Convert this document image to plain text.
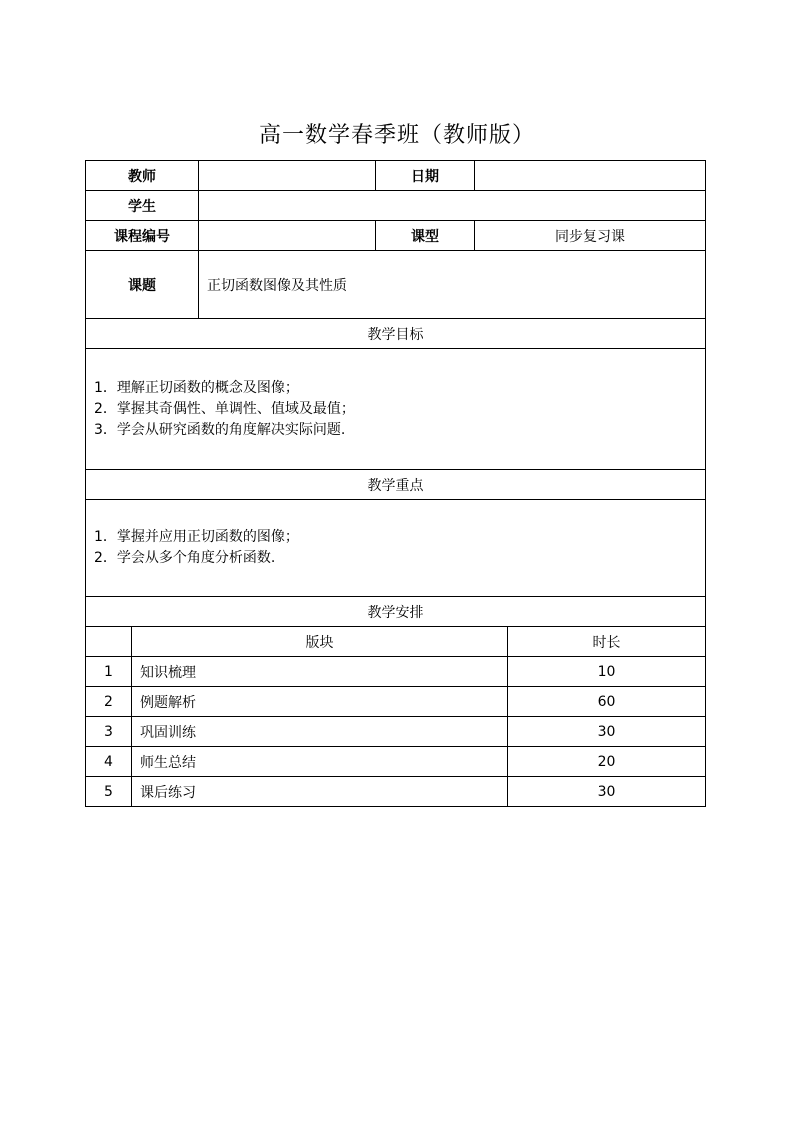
高一数学春季班（教师版）
教师			日期		
学生					
课程编号			课型	同步复习课	
课题		正切函数图像及其性质			
教学目标					

1．理解正切函数的概念及图像；
2．掌握其奇偶性、单调性、值域及最值；
3．学会从研究函数的角度解决实际问题.					

教学重点					

1．掌握并应用正切函数的图像；
2．学会从多个角度分析函数.					

教学安排					
	版块				时长
1	知识梳理				10
2	例题解析				60
3	巩固训练				30
4	师生总结				20
5	课后练习				30
